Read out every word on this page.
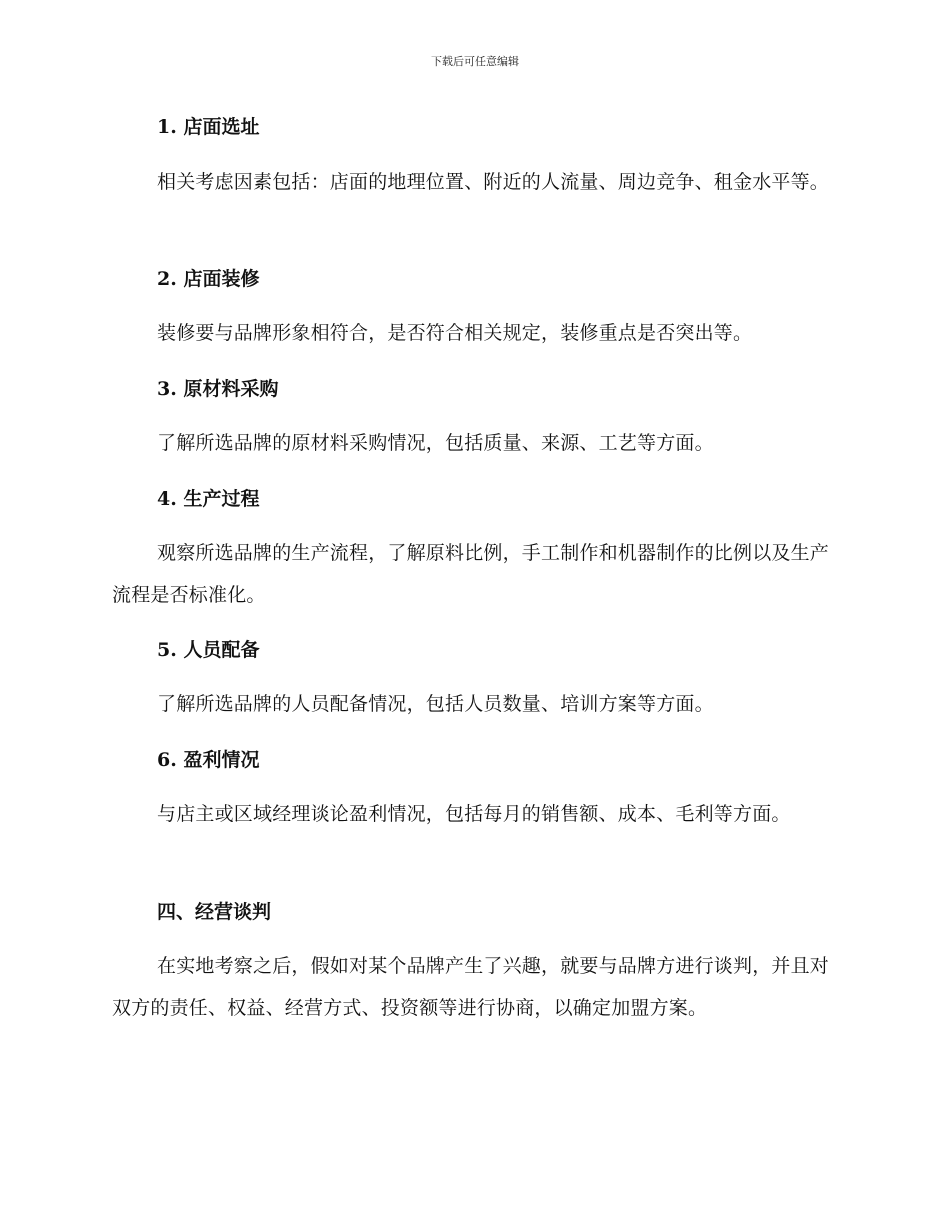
下载后可任意编辑
1. 店面选址
相关考虑因素包括：店面的地理位置、附近的人流量、周边竞争、租金水平等。
2. 店面装修
装修要与品牌形象相符合，是否符合相关规定，装修重点是否突出等。
3. 原材料采购
了解所选品牌的原材料采购情况，包括质量、来源、工艺等方面。
4. 生产过程
观察所选品牌的生产流程，了解原料比例，手工制作和机器制作的比例以及生产流程是否标准化。
5. 人员配备
了解所选品牌的人员配备情况，包括人员数量、培训方案等方面。
6. 盈利情况
与店主或区域经理谈论盈利情况，包括每月的销售额、成本、毛利等方面。
四、经营谈判
在实地考察之后，假如对某个品牌产生了兴趣，就要与品牌方进行谈判，并且对双方的责任、权益、经营方式、投资额等进行协商，以确定加盟方案。
